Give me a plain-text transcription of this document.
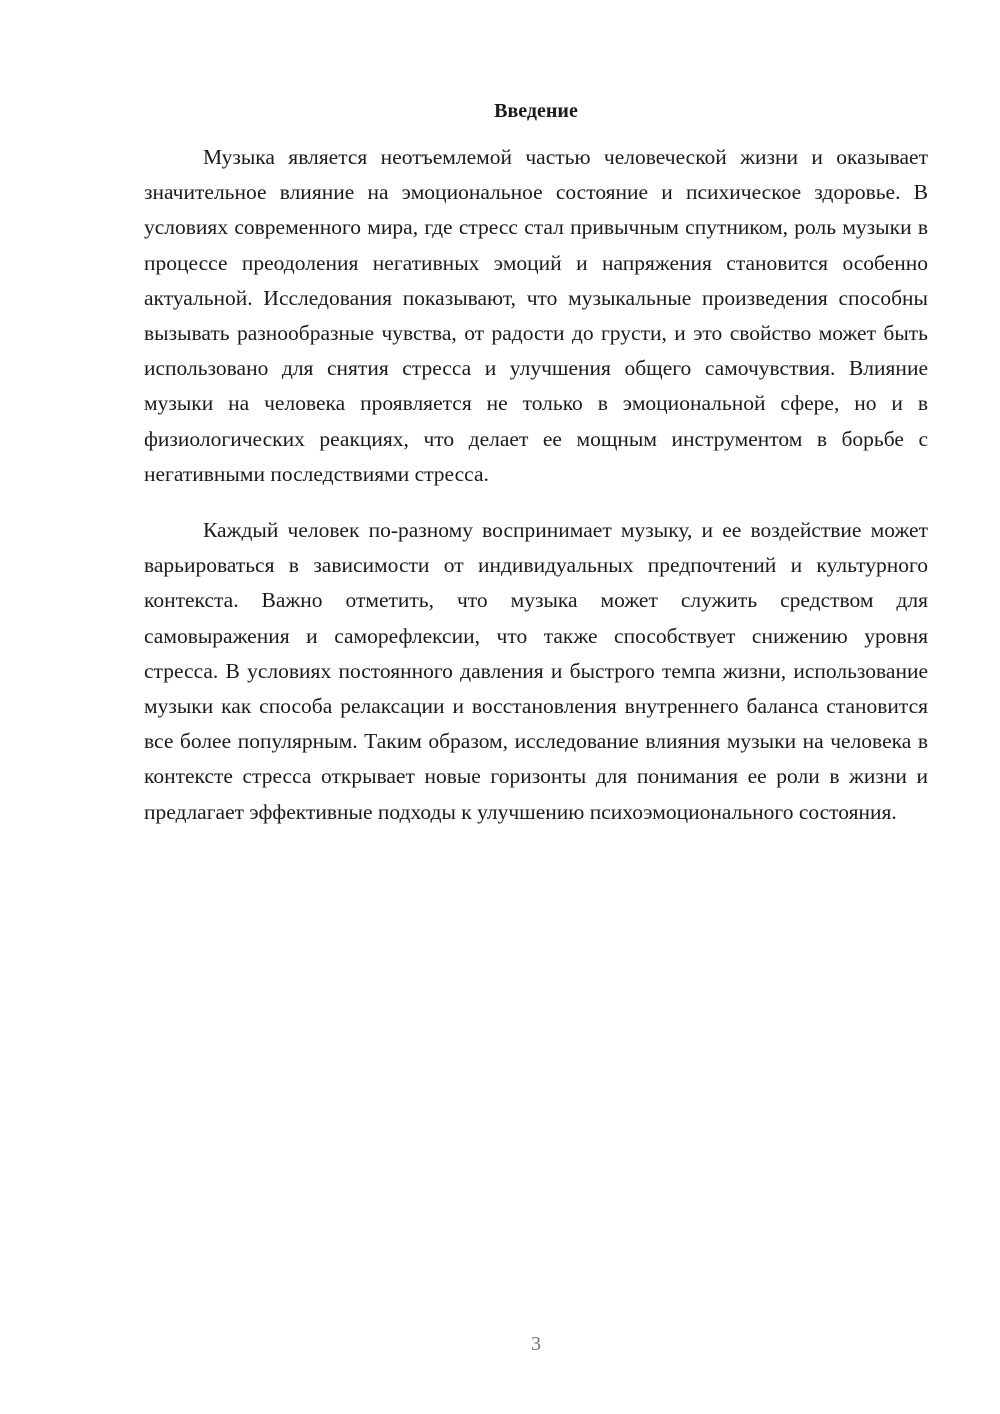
Введение

Музыка является неотъемлемой частью человеческой жизни и оказывает значительное влияние на эмоциональное состояние и психическое здоровье. В условиях современного мира, где стресс стал привычным спутником, роль музыки в процессе преодоления негативных эмоций и напряжения становится особенно актуальной. Исследования показывают, что музыкальные произведения способны вызывать разнообразные чувства, от радости до грусти, и это свойство может быть использовано для снятия стресса и улучшения общего самочувствия. Влияние музыки на человека проявляется не только в эмоциональной сфере, но и в физиологических реакциях, что делает ее мощным инструментом в борьбе с негативными последствиями стресса.

Каждый человек по-разному воспринимает музыку, и ее воздействие может варьироваться в зависимости от индивидуальных предпочтений и культурного контекста. Важно отметить, что музыка может служить средством для самовыражения и саморефлексии, что также способствует снижению уровня стресса. В условиях постоянного давления и быстрого темпа жизни, использование музыки как способа релаксации и восстановления внутреннего баланса становится все более популярным. Таким образом, исследование влияния музыки на человека в контексте стресса открывает новые горизонты для понимания ее роли в жизни и предлагает эффективные подходы к улучшению психоэмоционального состояния.

3
